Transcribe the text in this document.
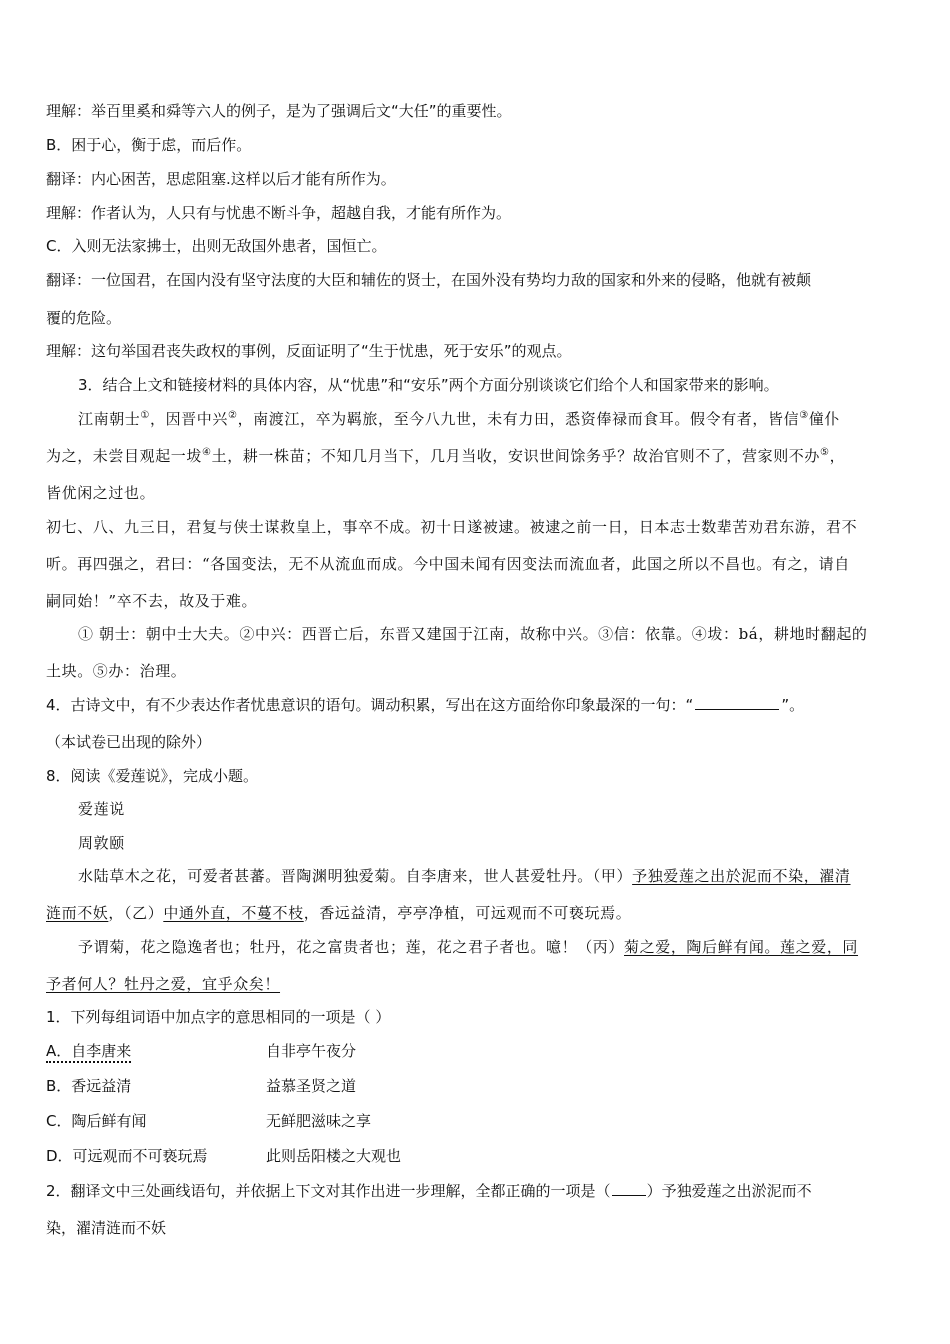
理解：举百里奚和舜等六人的例子，是为了强调后文“大任”的重要性。
B．困于心，衡于虑，而后作。
翻译：内心困苦，思虑阻塞.这样以后才能有所作为。
理解：作者认为，人只有与忧患不断斗争，超越自我，才能有所作为。
C．入则无法家拂士，出则无敌国外患者，国恒亡。
翻译：一位国君，在国内没有坚守法度的大臣和辅佐的贤士，在国外没有势均力敌的国家和外来的侵略，他就有被颠
覆的危险。
理解：这句举国君丧失政权的事例，反面证明了“生于忧患，死于安乐”的观点。
3．结合上文和链接材料的具体内容，从“忧患”和“安乐”两个方面分别谈谈它们给个人和国家带来的影响。
江南朝士①，因晋中兴②，南渡江，卒为羁旅，至今八九世，未有力田，悉资俸禄而食耳。假令有者，皆信③僮仆
为之，未尝目观起一坺④土，耕一株苗；不知几月当下，几月当收，安识世间馀务乎？故治官则不了，营家则不办⑤，
皆优闲之过也。
初七、八、九三日，君复与侠士谋救皇上，事卒不成。初十日遂被逮。被逮之前一日，日本志士数辈苦劝君东游，君不
听。再四强之，君曰：“各国变法，无不从流血而成。今中国未闻有因变法而流血者，此国之所以不昌也。有之，请自
嗣同始！”卒不去，故及于难。
① 朝士：朝中士大夫。②中兴：西晋亡后，东晋又建国于江南，故称中兴。③信：依靠。④坺：bá，耕地时翻起的
土块。⑤办：治理。
4．古诗文中，有不少表达作者忧患意识的语句。调动积累，写出在这方面给你印象最深的一句：“	”。
（本试卷已出现的除外）
8．阅读《爱莲说》，完成小题。
爱莲说
周敦颐
水陆草木之花，可爱者甚蕃。晋陶渊明独爱菊。自李唐来，世人甚爱牡丹。（甲）予独爱莲之出於泥而不染，濯清
涟而不妖，（乙）中通外直，不蔓不枝，香远益清，亭亭净植，可远观而不可亵玩焉。
予谓菊，花之隐逸者也；牡丹，花之富贵者也；莲，花之君子者也。噫！（丙）菊之爱，陶后鲜有闻。莲之爱，同
予者何人？牡丹之爱，宜乎众矣！
1．下列每组词语中加点字的意思相同的一项是（ ）
A．自李唐来	自非亭午夜分
B．香远益清	益慕圣贤之道
C．陶后鲜有闻	无鲜肥滋味之享
D．可远观而不可亵玩焉	此则岳阳楼之大观也
2．翻译文中三处画线语句，并依据上下文对其作出进一步理解，全都正确的一项是（ ）予独爱莲之出淤泥而不
染，濯清涟而不妖
